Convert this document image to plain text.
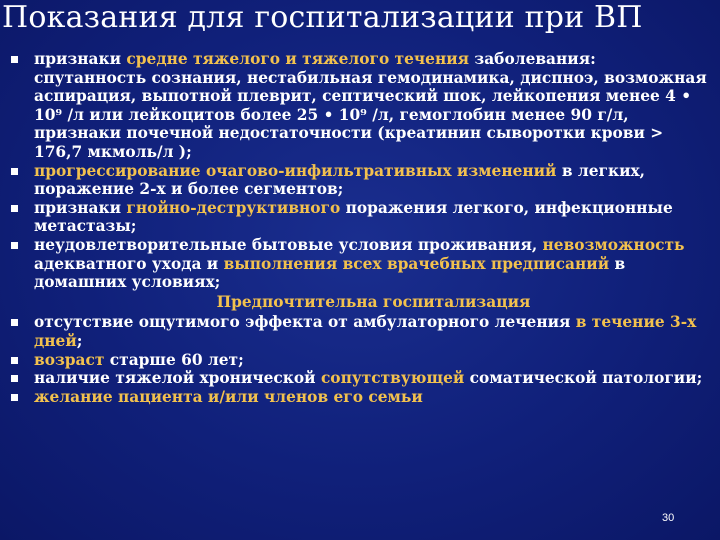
Показания для госпитализации при ВП
признаки средне тяжелого и тяжелого течения заболевания: спутанность сознания, нестабильная гемодинамика, диспноэ, возможная аспирация, выпотной плеврит, септический шок, лейкопения менее 4 • 10⁹ /л или лейкоцитов более 25 • 10⁹ /л, гемоглобин менее 90 г/л, признаки почечной недостаточности (креатинин сыворотки крови > 176,7 мкмоль/л );
прогрессирование очагово-инфильтративных изменений в легких, поражение 2-х и более сегментов;
признаки гнойно-деструктивного поражения легкого, инфекционные метастазы;
неудовлетворительные бытовые условия проживания, невозможность адекватного ухода и выполнения всех врачебных предписаний в домашних условиях;
Предпочтительна госпитализация
отсутствие ощутимого эффекта от амбулаторного лечения в течение 3-х дней;
возраст старше 60 лет;
наличие тяжелой хронической сопутствующей соматической патологии;
желание пациента и/или членов его семьи
30
